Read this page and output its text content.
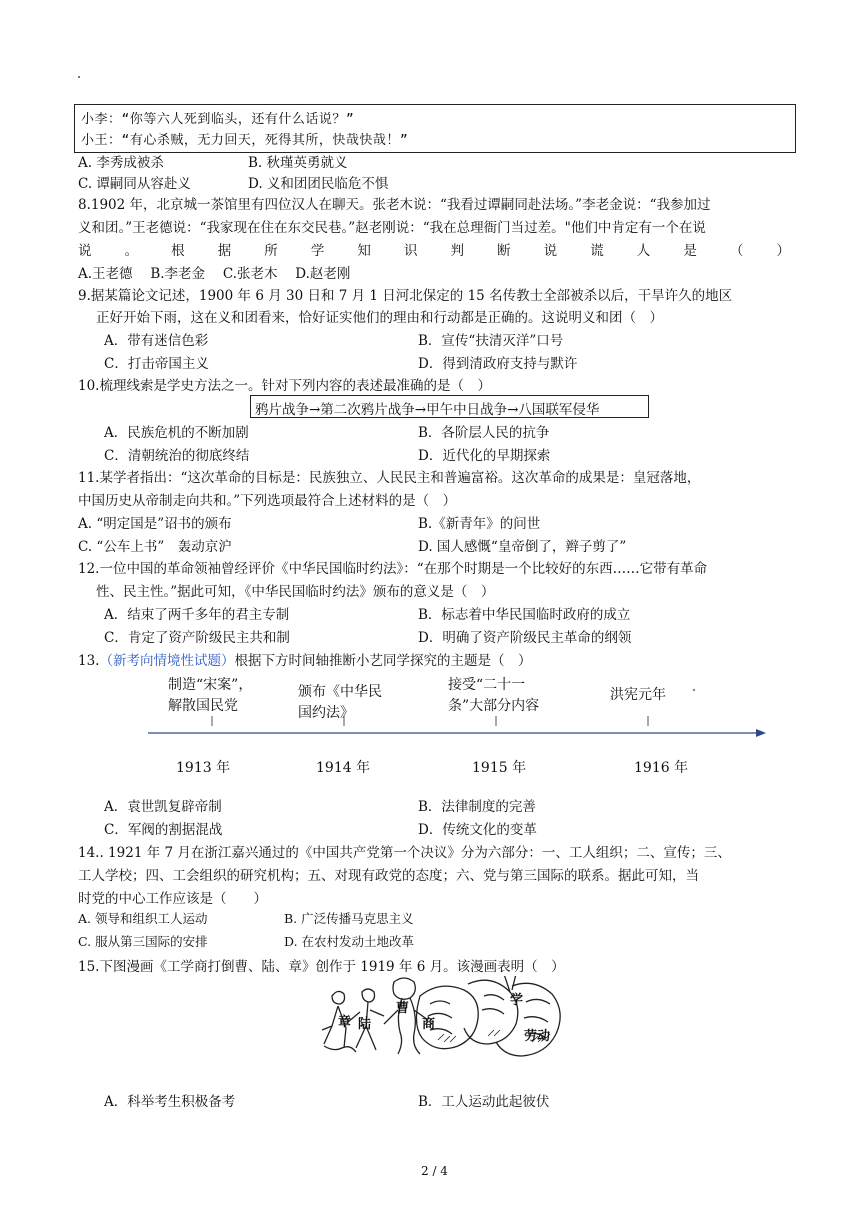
小李：“你等六人死到临头，还有什么话说？”
小王：“有心杀贼，无力回天，死得其所，快哉快哉！”
A. 李秀成被杀	B. 秋瑾英勇就义
C. 谭嗣同从容赴义	D. 义和团团民临危不惧
8.1902 年，北京城一茶馆里有四位汉人在聊天。张老木说：“我看过谭嗣同赴法场。”李老金说：“我参加过
义和团。”王老德说：“我家现在住在东交民巷。”赵老刚说：“我在总理衙门当过差。"他们中肯定有一个在说
说 。 根 据 所 学 知 识 判 断 说 谎 人 是 （ ）
A.王老德　 B.李老金　 C.张老木　 D.赵老刚
9.据某篇论文记述，1900 年 6 月 30 日和 7 月 1 日河北保定的 15 名传教士全部被杀以后，干旱许久的地区
正好开始下雨，这在义和团看来，恰好证实他们的理由和行动都是正确的。这说明义和团（　）
A．带有迷信色彩	B．宣传“扶清灭洋”口号
C．打击帝国主义	D．得到清政府支持与默许
10.梳理线索是学史方法之一。针对下列内容的表述最准确的是（　）
鸦片战争→第二次鸦片战争→甲午中日战争→八国联军侵华
A．民族危机的不断加剧	B．各阶层人民的抗争
C．清朝统治的彻底终结	D．近代化的早期探索
11.某学者指出：“这次革命的目标是：民族独立、人民民主和普遍富裕。这次革命的成果是：皇冠落地，
中国历史从帝制走向共和。”下列选项最符合上述材料的是（　）
A. “明定国是”诏书的颁布	B.《新青年》的问世
C. “公车上书”　轰动京沪	D. 国人感慨“皇帝倒了，辫子剪了”
12.一位中国的革命领袖曾经评价《中华民国临时约法》：“在那个时期是一个比较好的东西……它带有革命
性、民主性。”据此可知，《中华民国临时约法》颁布的意义是（　）
A．结束了两千多年的君主专制	B．标志着中华民国临时政府的成立
C．肯定了资产阶级民主共和制	D．明确了资产阶级民主革命的纲领
13.（新考向情境性试题）根据下方时间轴推断小艺同学探究的主题是（　）
制造“宋案”，
解散国民党
颁布《中华民
国约法》
接受“二十一
条”大部分内容
洪宪元年
1913 年	1914 年	1915 年	1916 年
A．袁世凯复辟帝制	B．法律制度的完善
C．军阀的割据混战	D．传统文化的变革
14.. 1921 年 7 月在浙江嘉兴通过的《中国共产党第一个决议》分为六部分：一、工人组织；二、宣传；三、
工人学校；四、工会组织的研究机构；五、对现有政党的态度；六、党与第三国际的联系。据此可知，当
时党的中心工作应该是（　　）
A. 领导和组织工人运动	B. 广泛传播马克思主义
C. 服从第三国际的安排	D. 在农村发动土地改革
15.下图漫画《工学商打倒曹、陆、章》创作于 1919 年 6 月。该漫画表明（　）
章 陆
曹
商
学
劳动
A．科举考生积极备考	B．工人运动此起彼伏
2 / 4
